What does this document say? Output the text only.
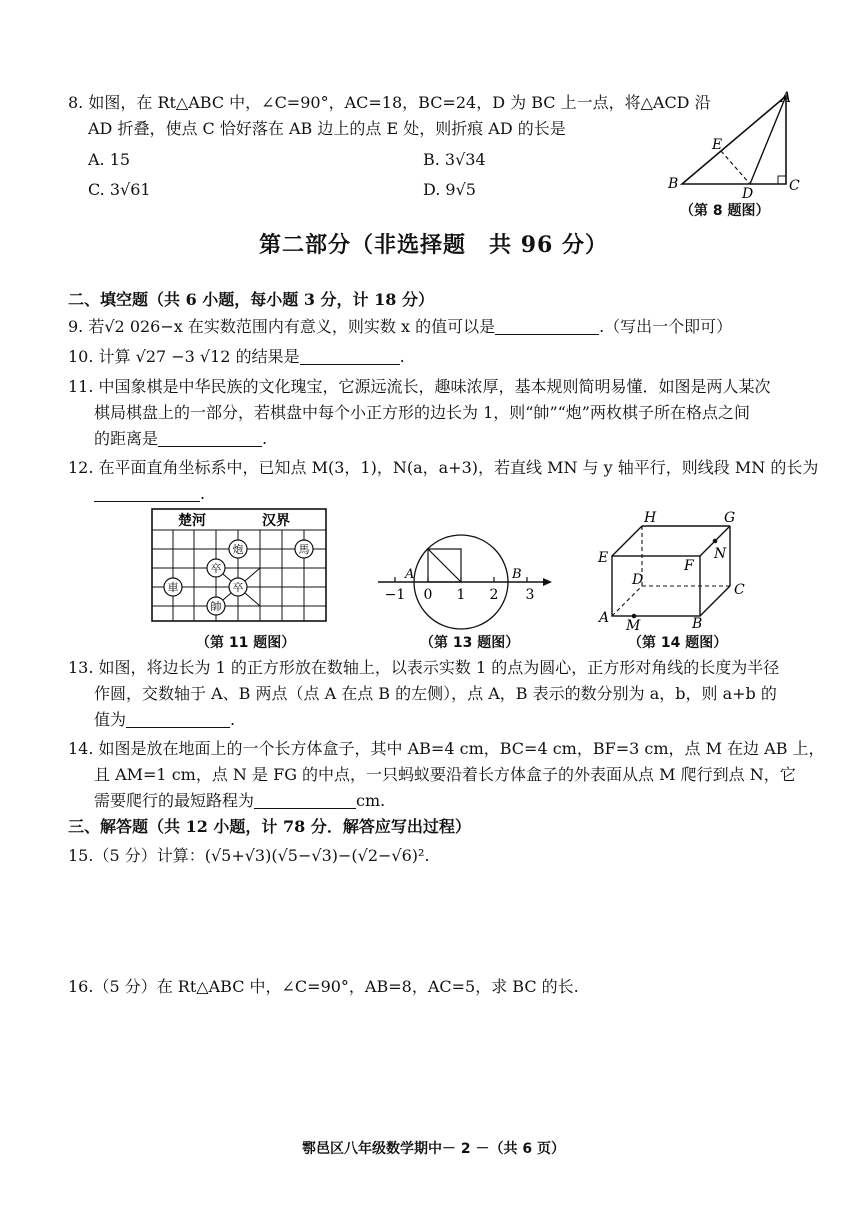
8. 如图，在 Rt△ABC 中，∠C=90°，AC=18，BC=24，D 为 BC 上一点，将△ACD 沿
AD 折叠，使点 C 恰好落在 AB 边上的点 E 处，则折痕 AD 的长是
A. 15	B. 3√34
C. 3√61	D. 9√5
A
B	C
D
E
（第 8 题图）
第二部分（非选择题　共 96 分）
二、填空题（共 6 小题，每小题 3 分，计 18 分）
9. 若√2 026−x 在实数范围内有意义，则实数 x 的值可以是	.（写出一个即可）
10. 计算 √27 −3 √12 的结果是	.
11. 中国象棋是中华民族的文化瑰宝，它源远流长，趣味浓厚，基本规则简明易懂．如图是两人某次
棋局棋盘上的一部分，若棋盘中每个小正方形的边长为 1，则“帥”“炮”两枚棋子所在格点之间
的距离是	.
12. 在平面直角坐标系中，已知点 M(3，1)，N(a，a+3)，若直线 MN 与 y 轴平行，则线段 MN 的长为
.
楚河	汉界
炮	馬
卒
卒
車
帥
（第 11 题图）
−1 0 1 2 3
A	B
（第 13 题图）
A	B
C
D
E	F
G
H
M
N
（第 14 题图）
13. 如图，将边长为 1 的正方形放在数轴上，以表示实数 1 的点为圆心，正方形对角线的长度为半径
作圆，交数轴于 A、B 两点（点 A 在点 B 的左侧），点 A，B 表示的数分别为 a，b，则 a+b 的
值为	.
14. 如图是放在地面上的一个长方体盒子，其中 AB=4 cm，BC=4 cm，BF=3 cm，点 M 在边 AB 上，
且 AM=1 cm，点 N 是 FG 的中点，一只蚂蚁要沿着长方体盒子的外表面从点 M 爬行到点 N，它
需要爬行的最短路程为	cm.
三、解答题（共 12 小题，计 78 分．解答应写出过程）
15.（5 分）计算：(√5+√3)(√5−√3)−(√2−√6)².
16.（5 分）在 Rt△ABC 中，∠C=90°，AB=8，AC=5，求 BC 的长.
鄠邑区八年级数学期中－ 2 －（共 6 页）
